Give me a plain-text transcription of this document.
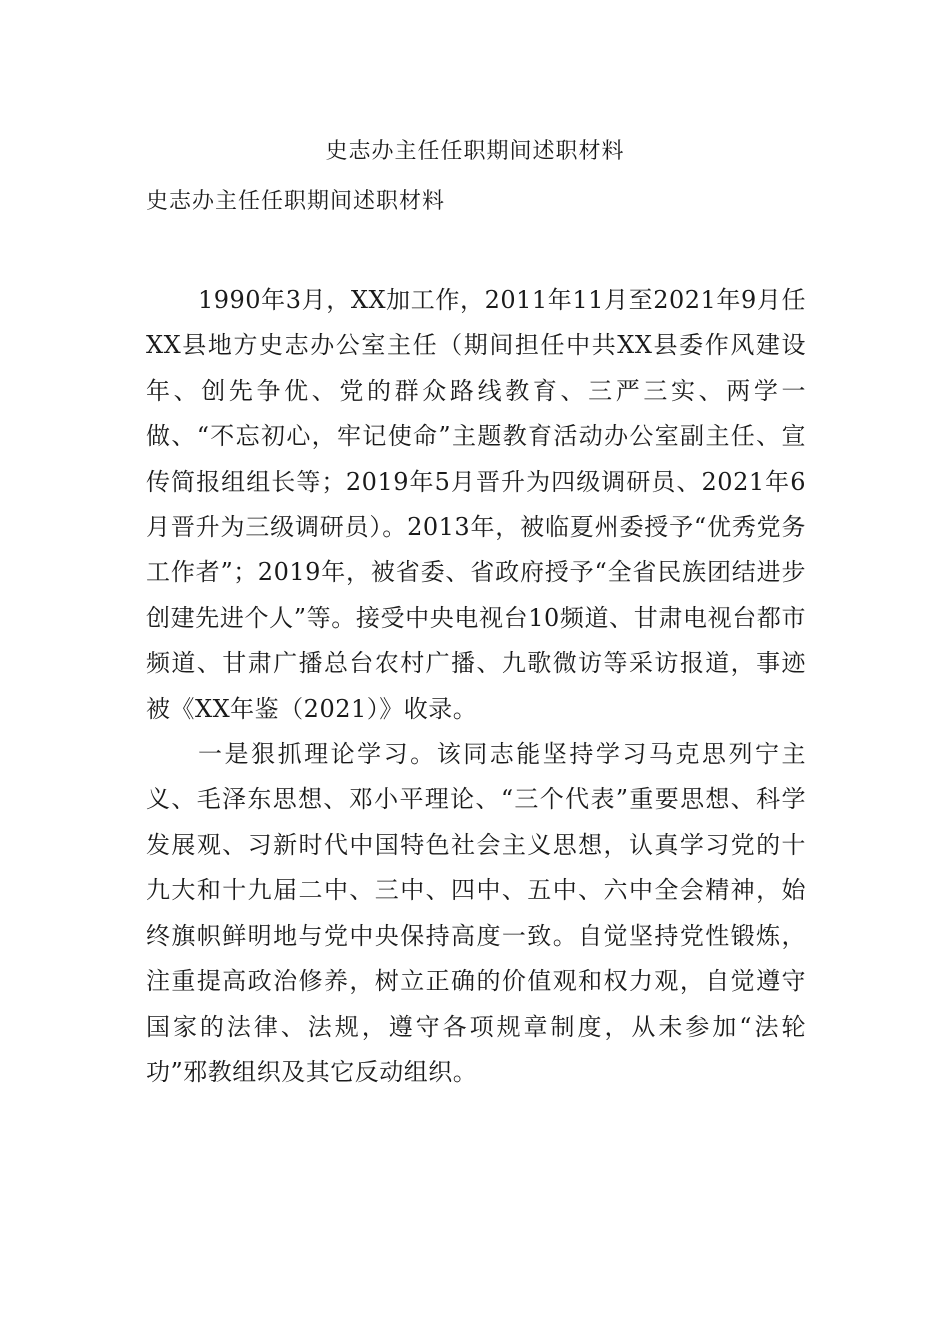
史志办主任任职期间述职材料
史志办主任任职期间述职材料

1990年3月，XX加工作，2011年11月至2021年9月任XX县地方史志办公室主任（期间担任中共XX县委作风建设年、创先争优、党的群众路线教育、三严三实、两学一做、“不忘初心，牢记使命”主题教育活动办公室副主任、宣传简报组组长等；2019年5月晋升为四级调研员、2021年6月晋升为三级调研员）。2013年，被临夏州委授予“优秀党务工作者”；2019年，被省委、省政府授予“全省民族团结进步创建先进个人”等。接受中央电视台10频道、甘肃电视台都市频道、甘肃广播总台农村广播、九歌微访等采访报道，事迹被《XX年鉴（2021）》收录。

一是狠抓理论学习。该同志能坚持学习马克思列宁主义、毛泽东思想、邓小平理论、“三个代表”重要思想、科学发展观、习新时代中国特色社会主义思想，认真学习党的十九大和十九届二中、三中、四中、五中、六中全会精神，始终旗帜鲜明地与党中央保持高度一致。自觉坚持党性锻炼，注重提高政治修养，树立正确的价值观和权力观，自觉遵守国家的法律、法规，遵守各项规章制度，从未参加“法轮功”邪教组织及其它反动组织。
